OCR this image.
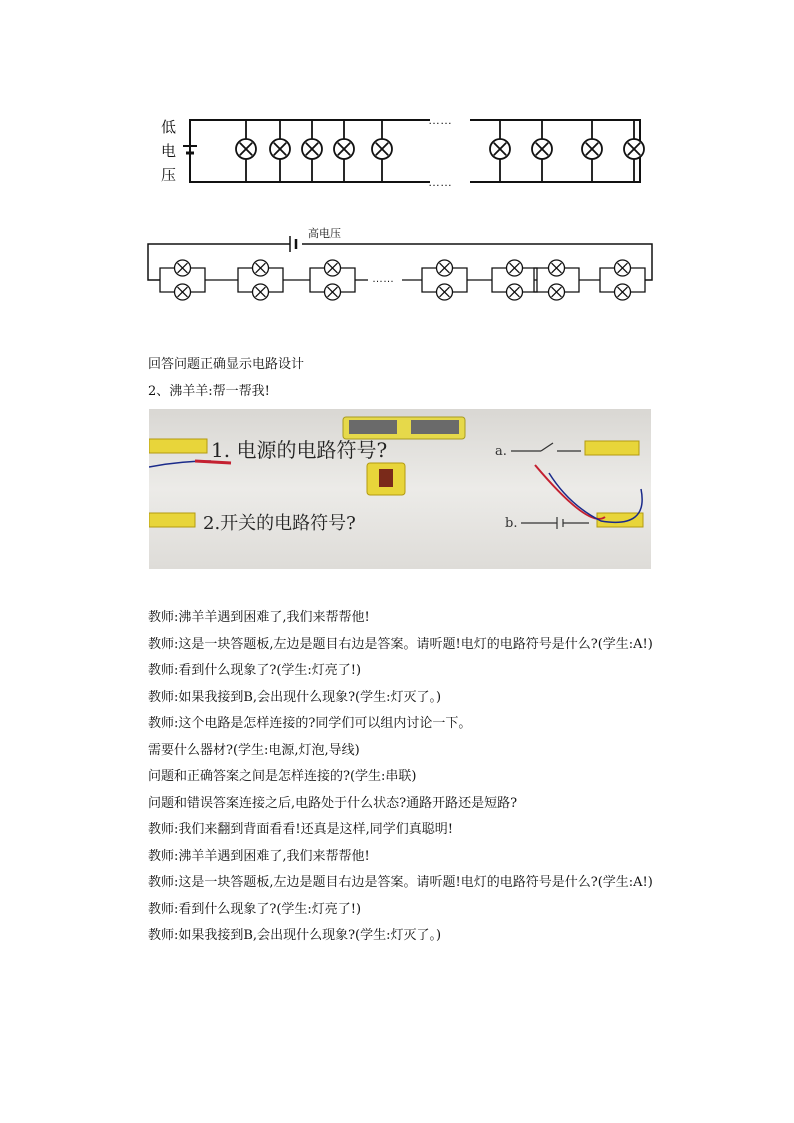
低
电
压
……
……
高电压
……
回答问题正确显示电路设计
2、沸羊羊:帮一帮我!
1. 电源的电路符号?
2.开关的电路符号?
a.
b.

教师:沸羊羊遇到困难了,我们来帮帮他!

教师:这是一块答题板,左边是题目右边是答案。请听题!电灯的电路符号是什么?(学生:A!)

教师:看到什么现象了?(学生:灯亮了!)

教师:如果我接到B,会出现什么现象?(学生:灯灭了。)

教师:这个电路是怎样连接的?同学们可以组内讨论一下。

需要什么器材?(学生:电源,灯泡,导线)

问题和正确答案之间是怎样连接的?(学生:串联)

问题和错误答案连接之后,电路处于什么状态?通路开路还是短路?

教师:我们来翻到背面看看!还真是这样,同学们真聪明!

教师:沸羊羊遇到困难了,我们来帮帮他!

教师:这是一块答题板,左边是题目右边是答案。请听题!电灯的电路符号是什么?(学生:A!)

教师:看到什么现象了?(学生:灯亮了!)

教师:如果我接到B,会出现什么现象?(学生:灯灭了。)
